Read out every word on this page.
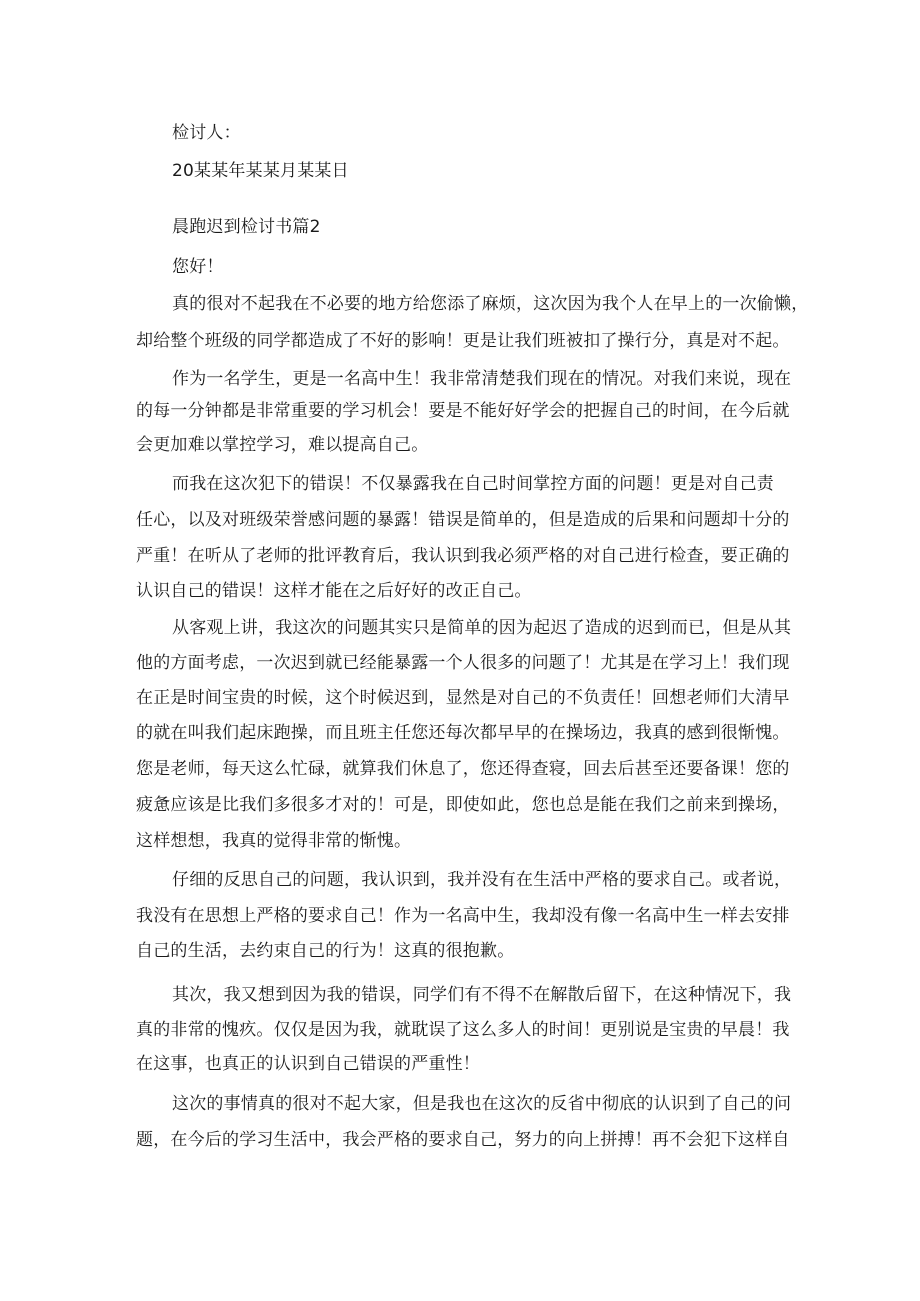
检讨人：
20某某年某某月某某日
晨跑迟到检讨书篇2
您好！
真的很对不起我在不必要的地方给您添了麻烦，这次因为我个人在早上的一次偷懒，
却给整个班级的同学都造成了不好的影响！更是让我们班被扣了操行分，真是对不起。
作为一名学生，更是一名高中生！我非常清楚我们现在的情况。对我们来说，现在
的每一分钟都是非常重要的学习机会！要是不能好好学会的把握自己的时间，在今后就
会更加难以掌控学习，难以提高自己。
而我在这次犯下的错误！不仅暴露我在自己时间掌控方面的问题！更是对自己责
任心，以及对班级荣誉感问题的暴露！错误是简单的，但是造成的后果和问题却十分的
严重！在听从了老师的批评教育后，我认识到我必须严格的对自己进行检查，要正确的
认识自己的错误！这样才能在之后好好的改正自己。
从客观上讲，我这次的问题其实只是简单的因为起迟了造成的迟到而已，但是从其
他的方面考虑，一次迟到就已经能暴露一个人很多的问题了！尤其是在学习上！我们现
在正是时间宝贵的时候，这个时候迟到，显然是对自己的不负责任！回想老师们大清早
的就在叫我们起床跑操，而且班主任您还每次都早早的在操场边，我真的感到很惭愧。
您是老师，每天这么忙碌，就算我们休息了，您还得查寝，回去后甚至还要备课！您的
疲惫应该是比我们多很多才对的！可是，即使如此，您也总是能在我们之前来到操场，
这样想想，我真的觉得非常的惭愧。
仔细的反思自己的问题，我认识到，我并没有在生活中严格的要求自己。或者说，
我没有在思想上严格的要求自己！作为一名高中生，我却没有像一名高中生一样去安排
自己的生活，去约束自己的行为！这真的很抱歉。
其次，我又想到因为我的错误，同学们有不得不在解散后留下，在这种情况下，我
真的非常的愧疚。仅仅是因为我，就耽误了这么多人的时间！更别说是宝贵的早晨！我
在这事，也真正的认识到自己错误的严重性！
这次的事情真的很对不起大家，但是我也在这次的反省中彻底的认识到了自己的问
题，在今后的学习生活中，我会严格的要求自己，努力的向上拼搏！再不会犯下这样自
